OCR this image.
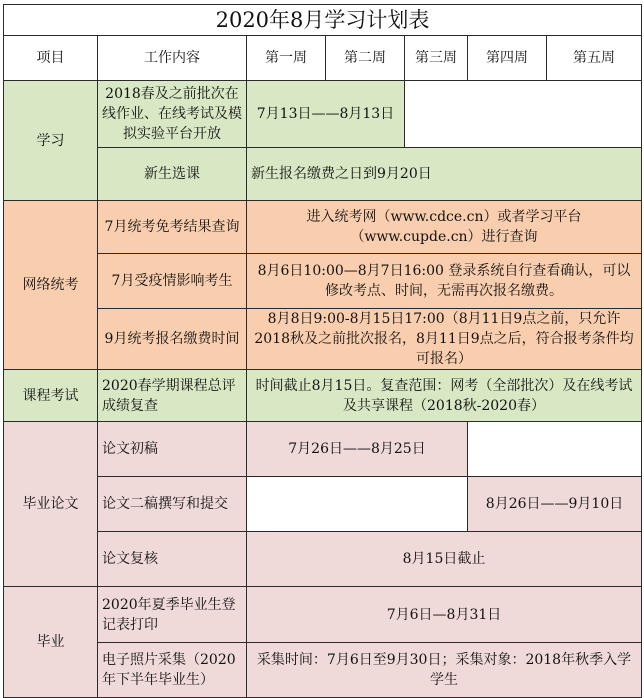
2020年8月学习计划表						
项目	工作内容	第一周	第二周	第三周	第四周	第五周
学习	2018春及之前批次在线作业、在线考试及模拟实验平台开放	7月13日——8月13日				
	新生选课	新生报名缴费之日到9月20日				
网络统考	7月统考免考结果查询	进入统考网（www.cdce.cn）或者学习平台（www.cupde.cn）进行查询				
	7月受疫情影响考生	8月6日10:00—8月7日16:00 登录系统自行查看确认，可以修改考点、时间，无需再次报名缴费。				
	9月统考报名缴费时间	8月8日9:00-8月15日17:00（8月11日9点之前，只允许2018秋及之前批次报名，8月11日9点之后，符合报考条件均可报名）				
课程考试	2020春学期课程总评成绩复查	时间截止8月15日。复查范围：网考（全部批次）及在线考试及共享课程（2018秋-2020春）				
毕业论文	论文初稿	7月26日——8月25日				
	论文二稿撰写和提交				8月26日——9月10日	
	论文复核	8月15日截止				
毕业	2020年夏季毕业生登记表打印	7月6日—8月31日				
	电子照片采集（2020年下半年毕业生）	采集时间：7月6日至9月30日；采集对象：2018年秋季入学学生				
